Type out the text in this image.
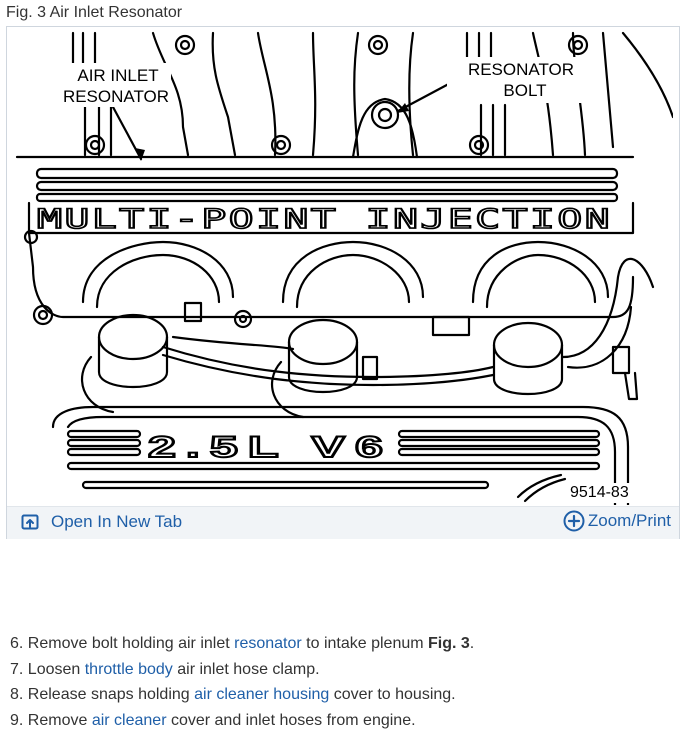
Fig. 3 Air Inlet Resonator
AIR INLET
RESONATOR
RESONATOR
BOLT
MULTI-POINT INJECTION
2.5L V6
9514-83
Open In New Tab	Zoom/Print
6. Remove bolt holding air inlet resonator to intake plenum Fig. 3.
7. Loosen throttle body air inlet hose clamp.
8. Release snaps holding air cleaner housing cover to housing.
9. Remove air cleaner cover and inlet hoses from engine.
